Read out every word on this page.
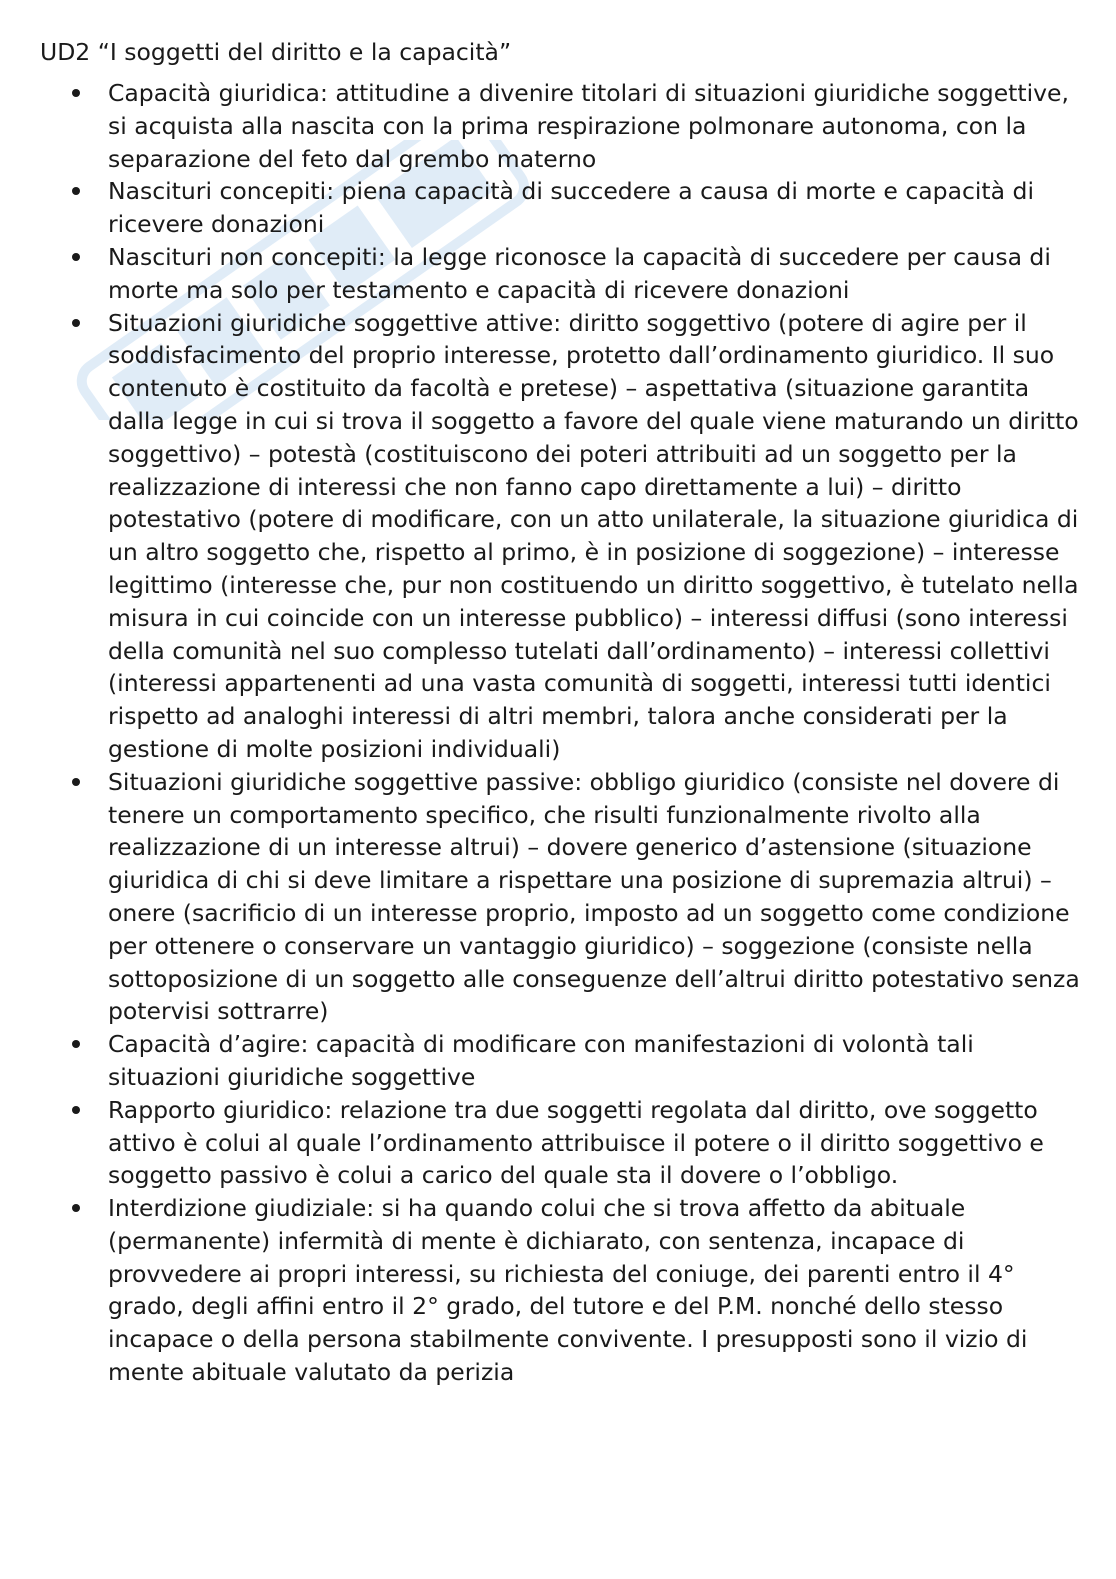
UD2 “I soggetti del diritto e la capacità”
Capacità giuridica: attitudine a divenire titolari di situazioni giuridiche soggettive, si acquista alla nascita con la prima respirazione polmonare autonoma, con la separazione del feto dal grembo materno
Nascituri concepiti: piena capacità di succedere a causa di morte e capacità di ricevere donazioni
Nascituri non concepiti: la legge riconosce la capacità di succedere per causa di morte ma solo per testamento e capacità di ricevere donazioni
Situazioni giuridiche soggettive attive: diritto soggettivo (potere di agire per il soddisfacimento del proprio interesse, protetto dall’ordinamento giuridico. Il suo contenuto è costituito da facoltà e pretese) – aspettativa (situazione garantita dalla legge in cui si trova il soggetto a favore del quale viene maturando un diritto soggettivo) – potestà (costituiscono dei poteri attribuiti ad un soggetto per la realizzazione di interessi che non fanno capo direttamente a lui) – diritto potestativo (potere di modificare, con un atto unilaterale, la situazione giuridica di un altro soggetto che, rispetto al primo, è in posizione di soggezione) – interesse legittimo (interesse che, pur non costituendo un diritto soggettivo, è tutelato nella misura in cui coincide con un interesse pubblico) – interessi diffusi (sono interessi della comunità nel suo complesso tutelati dall’ordinamento) – interessi collettivi (interessi appartenenti ad una vasta comunità di soggetti, interessi tutti identici rispetto ad analoghi interessi di altri membri, talora anche considerati per la gestione di molte posizioni individuali)
Situazioni giuridiche soggettive passive: obbligo giuridico (consiste nel dovere di tenere un comportamento specifico, che risulti funzionalmente rivolto alla realizzazione di un interesse altrui) – dovere generico d’astensione (situazione giuridica di chi si deve limitare a rispettare una posizione di supremazia altrui) – onere (sacrificio di un interesse proprio, imposto ad un soggetto come condizione per ottenere o conservare un vantaggio giuridico) – soggezione (consiste nella sottoposizione di un soggetto alle conseguenze dell’altrui diritto potestativo senza potervisi sottrarre)
Capacità d’agire: capacità di modificare con manifestazioni di volontà tali situazioni giuridiche soggettive
Rapporto giuridico: relazione tra due soggetti regolata dal diritto, ove soggetto attivo è colui al quale l’ordinamento attribuisce il potere o il diritto soggettivo e soggetto passivo è colui a carico del quale sta il dovere o l’obbligo.
Interdizione giudiziale: si ha quando colui che si trova affetto da abituale (permanente) infermità di mente è dichiarato, con sentenza, incapace di provvedere ai propri interessi, su richiesta del coniuge, dei parenti entro il 4° grado, degli affini entro il 2° grado, del tutore e del P.M. nonché dello stesso incapace o della persona stabilmente convivente. I presupposti sono il vizio di mente abituale valutato da perizia
